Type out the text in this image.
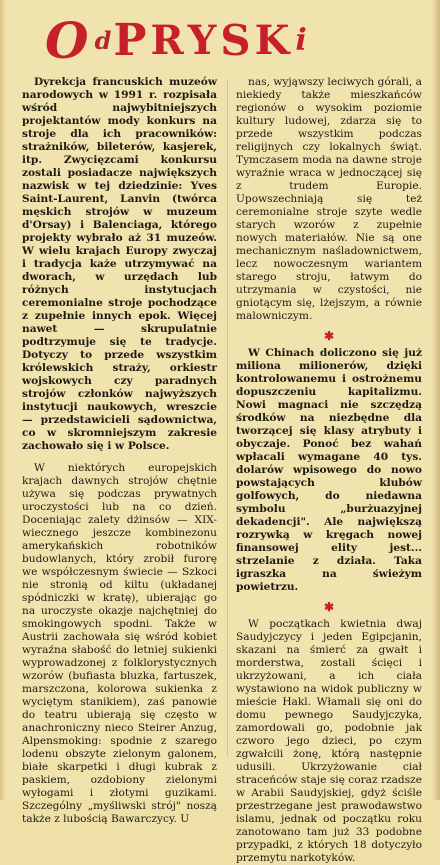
O d P R Y S K i

Dyrekcja francuskich muzeów narodowych w 1991 r. rozpisała wśród najwybitniejszych projektantów mody konkurs na stroje dla ich pracowników: strażników, bileterów, kasjerek, itp. Zwycięzcami konkursu zostali posiadacze największych nazwisk w tej dziedzinie: Yves Saint-Laurent, Lanvin (twórca męskich strojów w muzeum d'Orsay) i Balenciaga, którego projekty wybrało aż 31 muzeów. W wielu krajach Europy zwyczaj i tradycja każe utrzymywać na dworach, w urzędach lub różnych instytucjach ceremonialne stroje pochodzące z zupełnie innych epok. Więcej nawet — skrupulatnie podtrzymuje się te tradycje. Dotyczy to przede wszystkim królewskich straży, orkiestr wojskowych czy paradnych strojów członków najwyższych instytucji naukowych, wreszcie — przedstawicieli sądownictwa, co w skromniejszym zakresie zachowało się i w Polsce.

W niektórych europejskich krajach dawnych strojów chętnie używa się podczas prywatnych uroczystości lub na co dzień. Doceniając zalety dżinsów — XIX-wiecznego jeszcze kombinezonu amerykańskich robotników budowlanych, który zrobił furorę we współczesnym świecie — Szkoci nie stronią od kiltu (układanej spódniczki w kratę), ubierając go na uroczyste okazje najchętniej do smokingowych spodni. Także w Austrii zachowała się wśród kobiet wyraźna słabość do letniej sukienki wyprowadzonej z folklorystycznych wzorów (bufiasta bluzka, fartuszek, marszczona, kolorowa sukienka z wyciętym stanikiem), zaś panowie do teatru ubierają się często w anachroniczny nieco Steirer Anzug, Alpensmoking: spodnie z szarego lodenu obszyte zielonym galonem, białe skarpetki i długi kubrak z paskiem, ozdobiony zielonymi wyłogami i złotymi guzikami. Szczególny „myśliwski strój" noszą także z lubością Bawarczycy. U

nas, wyjąwszy leciwych górali, a niekiedy także mieszkańców regionów o wysokim poziomie kultury ludowej, zdarza się to przede wszystkim podczas religijnych czy lokalnych świąt. Tymczasem moda na dawne stroje wyraźnie wraca w jednoczącej się z trudem Europie. Upowszechniają się też ceremonialne stroje szyte wedle starych wzorów z zupełnie nowych materiałów. Nie są one mechanicznym naśladownictwem, lecz nowoczesnym wariantem starego stroju, łatwym do utrzymania w czystości, nie gniotącym się, lżejszym, a równie malowniczym.

✱

W Chinach doliczono się już miliona milionerów, dzięki kontrolowanemu i ostrożnemu dopuszczeniu kapitalizmu. Nowi magnaci nie szczędzą środków na niezbędne dla tworzącej się klasy atrybuty i obyczaje. Ponoć bez wahań wpłacali wymagane 40 tys. dolarów wpisowego do nowo powstających klubów golfowych, do niedawna symbolu „burżuazyjnej dekadencji". Ale największą rozrywką w kręgach nowej finansowej elity jest... strzelanie z działa. Taka igraszka na świeżym powietrzu.

✱

W początkach kwietnia dwaj Saudyjczycy i jeden Egipcjanin, skazani na śmierć za gwałt i morderstwa, zostali ścięci i ukrzyżowani, a ich ciała wystawiono na widok publiczny w mieście Hakl. Włamali się oni do domu pewnego Saudyjczyka, zamordowali go, podobnie jak czworo jego dzieci, po czym zgwałcili żonę, którą następnie udusili. Ukrzyżowanie ciał straceńców staje się coraz rzadsze w Arabii Saudyjskiej, gdyż ściśle przestrzegane jest prawodawstwo islamu, jednak od początku roku zanotowano tam już 33 podobne przypadki, z których 18 dotyczyło przemytu narkotyków.
